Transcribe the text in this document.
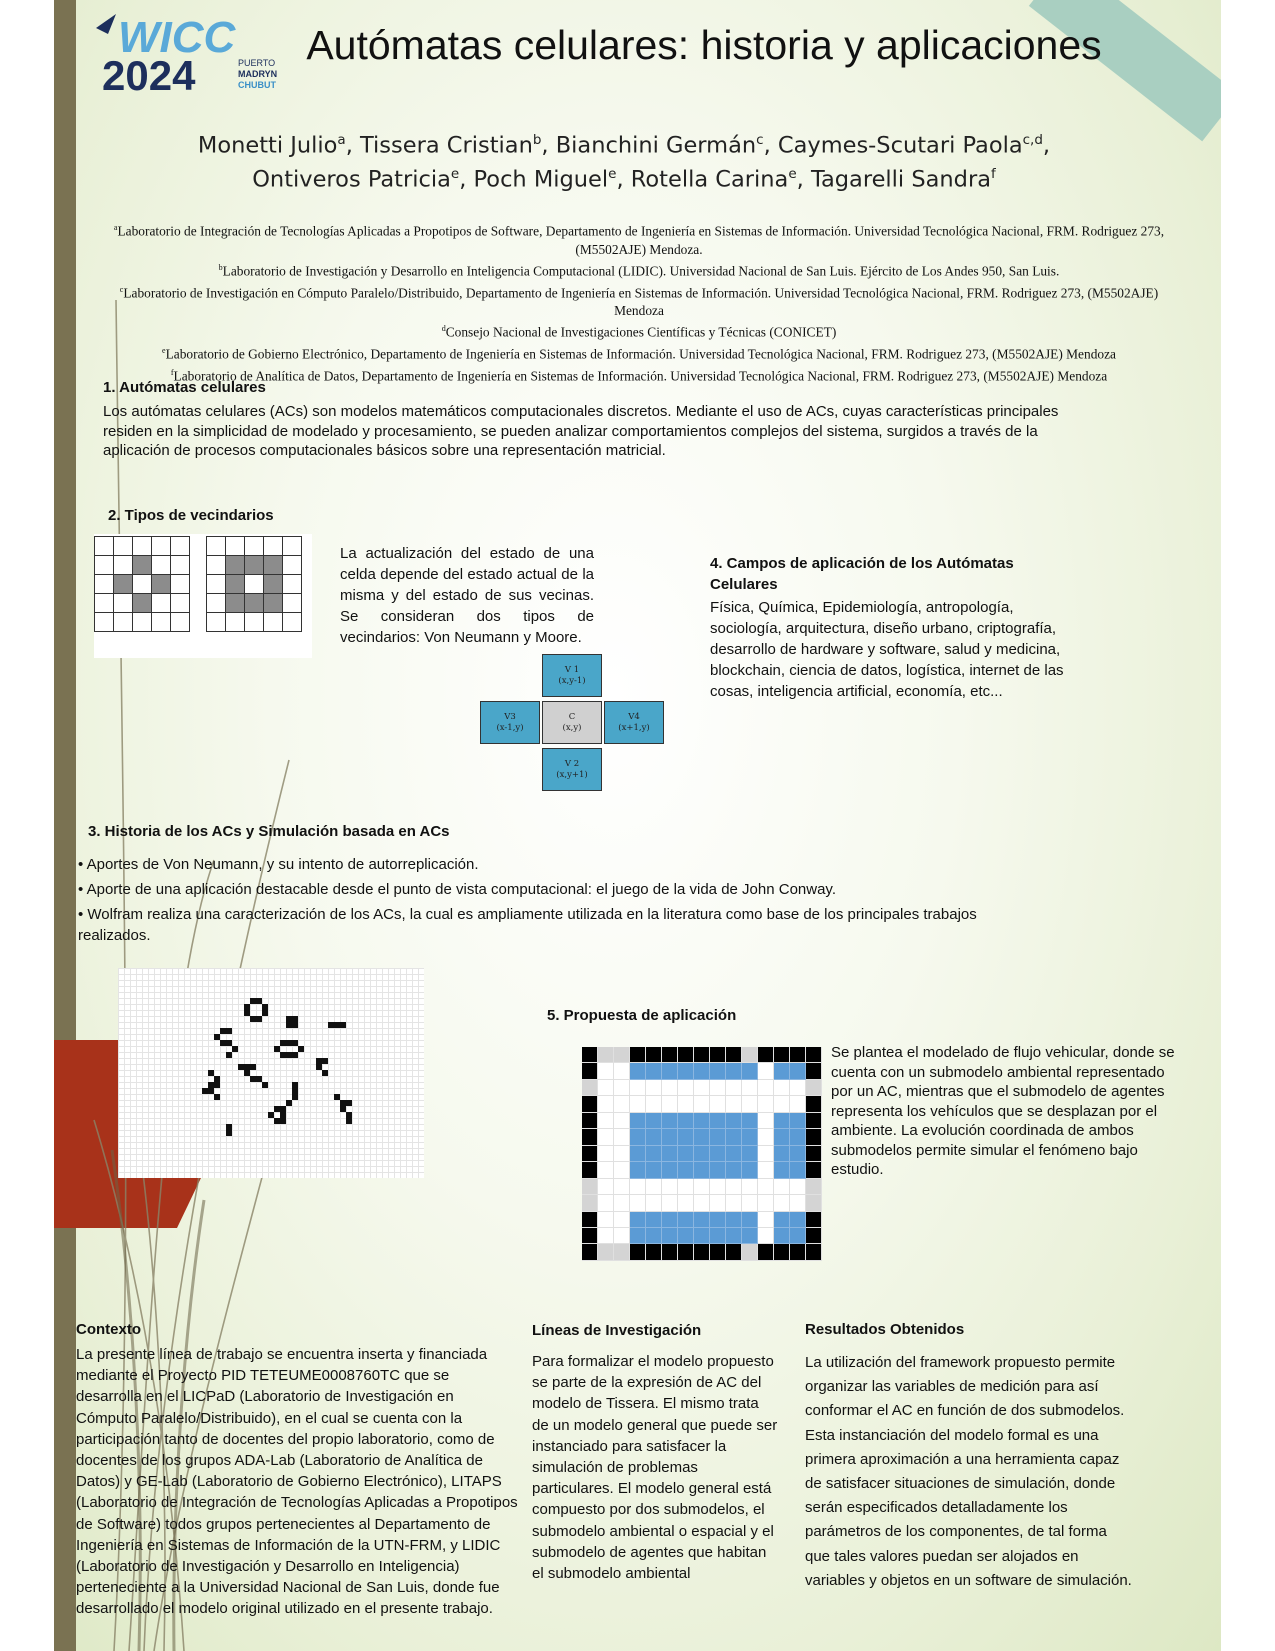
WICC
2024	PUERTO
MADRYN
CHUBUT
Autómatas celulares: historia y aplicaciones

Monetti Julio$^a$, Tissera Cristian$^b$, Bianchini Germán$^c$, Caymes-Scutari Paola$^{c,d}$, Ontiveros Patricia$^e$, Poch Miguel$^e$, Rotella Carina$^e$, Tagarelli Sandra$^f$

$^a$Laboratorio de Integración de Tecnologías Aplicadas a Propotipos de Software, Departamento de Ingeniería en Sistemas de Información. Universidad Tecnológica Nacional, FRM. Rodriguez 273, (M5502AJE) Mendoza.

$^b$Laboratorio de Investigación y Desarrollo en Inteligencia Computacional (LIDIC). Universidad Nacional de San Luis. Ejército de Los Andes 950, San Luis.

$^c$Laboratorio de Investigación en Cómputo Paralelo/Distribuido, Departamento de Ingeniería en Sistemas de Información. Universidad Tecnológica Nacional, FRM. Rodriguez 273, (M5502AJE) Mendoza

$^d$Consejo Nacional de Investigaciones Científicas y Técnicas (CONICET)

$^e$Laboratorio de Gobierno Electrónico, Departamento de Ingeniería en Sistemas de Información. Universidad Tecnológica Nacional, FRM. Rodriguez 273, (M5502AJE) Mendoza

$^f$Laboratorio de Analítica de Datos, Departamento de Ingeniería en Sistemas de Información. Universidad Tecnológica Nacional, FRM. Rodriguez 273, (M5502AJE) Mendoza

1. Autómatas celulares

Los autómatas celulares (ACs) son modelos matemáticos computacionales discretos. Mediante el uso de ACs, cuyas características principales residen en la simplicidad de modelado y procesamiento, se pueden analizar comportamientos complejos del sistema, surgidos a través de la aplicación de procesos computacionales básicos sobre una representación matricial.

2. Tipos de vecindarios

La actualización del estado de una celda depende del estado actual de la misma y del estado de sus vecinas. Se consideran dos tipos de vecindarios: Von Neumann y Moore.

V 1
(x,y-1)
V3
(x-1,y)
C
(x,y)
V4
(x+1,y)
V 2
(x,y+1)
4. Campos de aplicación de los Autómatas Celulares

Física, Química, Epidemiología, antropología, sociología, arquitectura, diseño urbano, criptografía, desarrollo de hardware y software, salud y medicina, blockchain, ciencia de datos, logística, internet de las cosas, inteligencia artificial, economía, etc...

3. Historia de los ACs y Simulación basada en ACs
• Aportes de Von Neumann, y su intento de autorreplicación.
• Aporte de una aplicación destacable desde el punto de vista computacional: el juego de la vida de John Conway.
• Wolfram realiza una caracterización de los ACs, la cual es ampliamente utilizada en la literatura como base de los principales trabajos realizados.
5. Propuesta de aplicación

Se plantea el modelado de flujo vehicular, donde se cuenta con un submodelo ambiental representado por un AC, mientras que el submodelo de agentes representa los vehículos que se desplazan por el ambiente. La evolución coordinada de ambos submodelos permite simular el fenómeno bajo estudio.

Contexto

La presente línea de trabajo se encuentra inserta y financiada mediante el Proyecto PID TETEUME0008760TC que se desarrolla en el LICPaD (Laboratorio de Investigación en Cómputo Paralelo/Distribuido), en el cual se cuenta con la participación tanto de docentes del propio laboratorio, como de docentes de los grupos ADA-Lab (Laboratorio de Analítica de Datos) y GE-Lab (Laboratorio de Gobierno Electrónico), LITAPS (Laboratorio de Integración de Tecnologías Aplicadas a Propotipos de Software) todos grupos pertenecientes al Departamento de Ingeniería en Sistemas de Información de la UTN-FRM, y LIDIC (Laboratorio de Investigación y Desarrollo en Inteligencia) perteneciente a la Universidad Nacional de San Luis, donde fue desarrollado el modelo original utilizado en el presente trabajo.

Líneas de Investigación

Para formalizar el modelo propuesto se parte de la expresión de AC del modelo de Tissera. El mismo trata de un modelo general que puede ser instanciado para satisfacer la simulación de problemas particulares. El modelo general está compuesto por dos submodelos, el submodelo ambiental o espacial y el submodelo de agentes que habitan el submodelo ambiental

Resultados Obtenidos

La utilización del framework propuesto permite organizar las variables de medición para así conformar el AC en función de dos submodelos. Esta instanciación del modelo formal es una primera aproximación a una herramienta capaz de satisfacer situaciones de simulación, donde serán especificados detalladamente los parámetros de los componentes, de tal forma que tales valores puedan ser alojados en variables y objetos en un software de simulación.
